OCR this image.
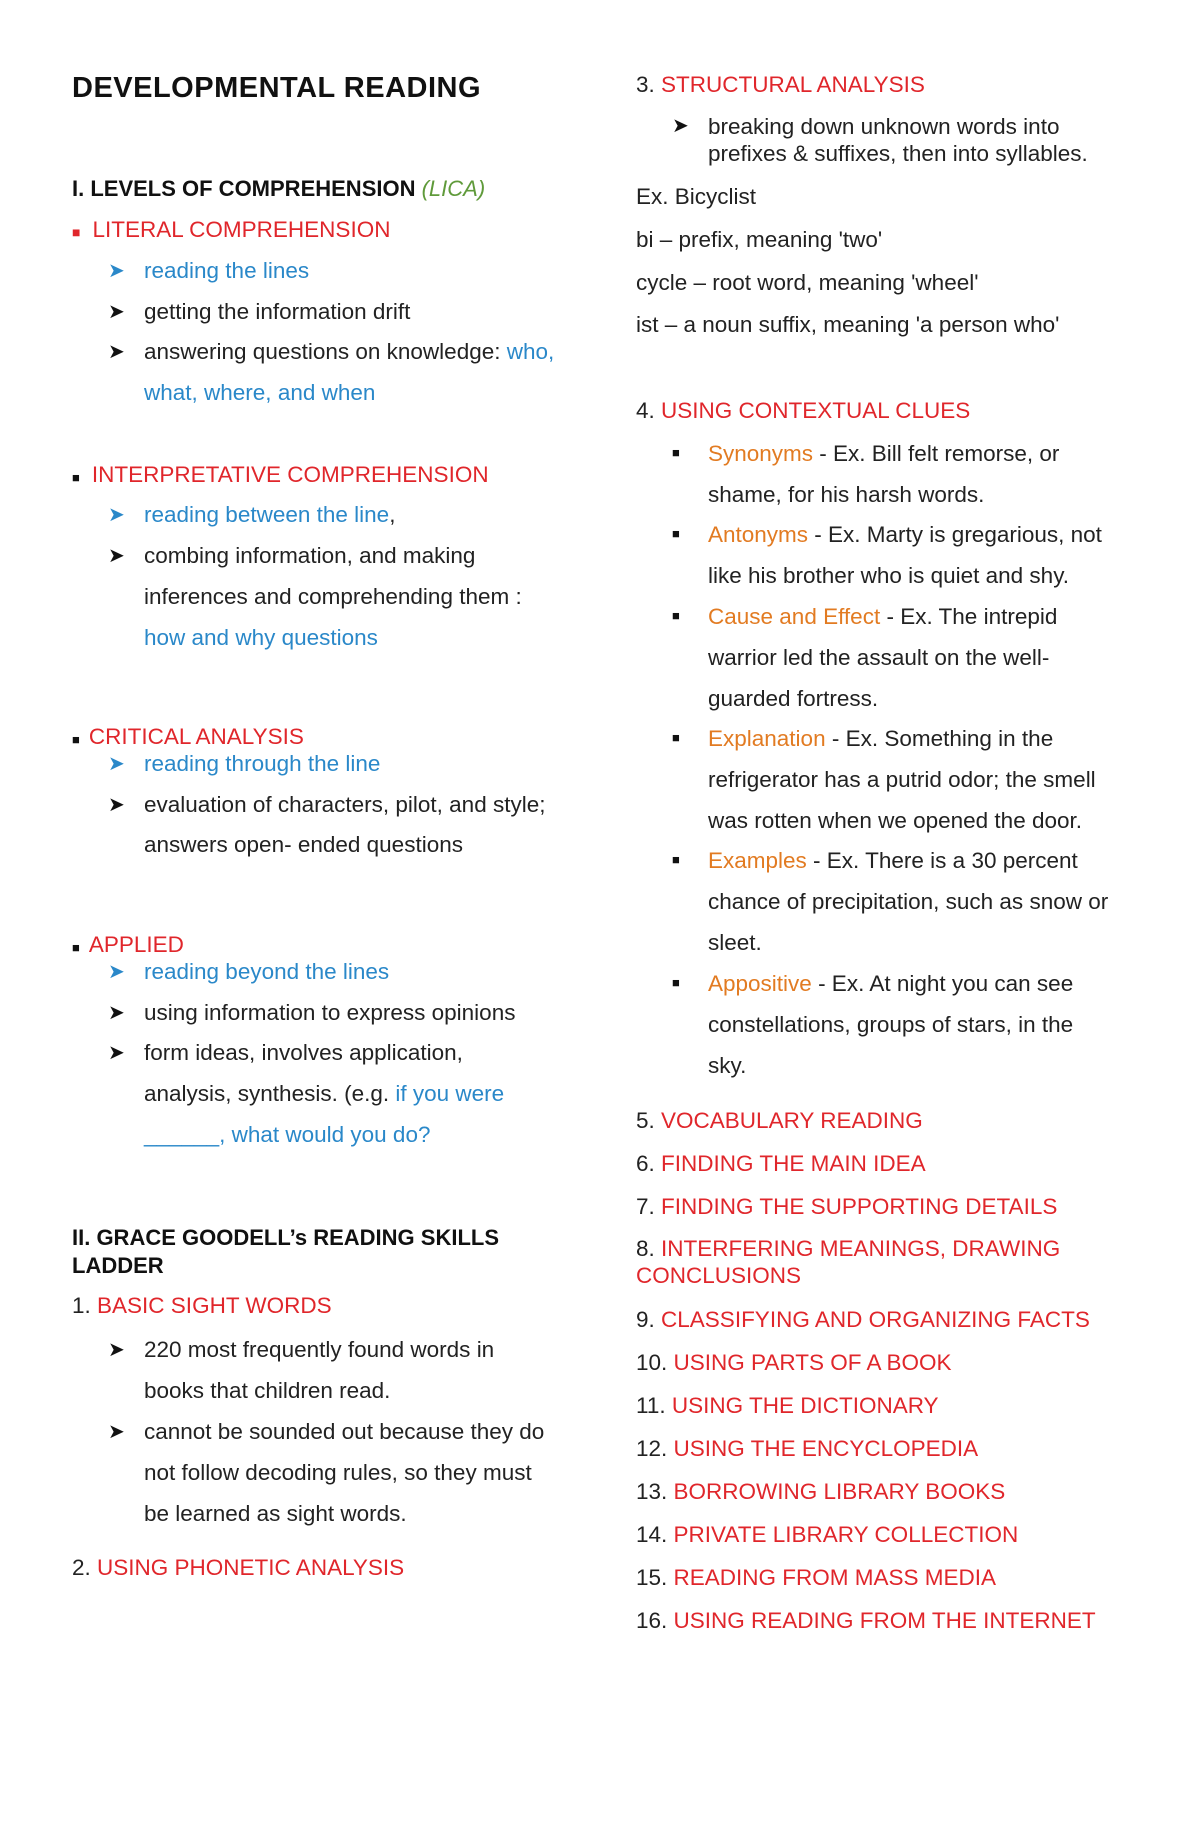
DEVELOPMENTAL READING
I. LEVELS OF COMPREHENSION (LICA)
■ LITERAL COMPREHENSION
➤ reading the lines
➤ getting the information drift
➤ answering questions on knowledge: who,
what, where, and when
■ INTERPRETATIVE COMPREHENSION
➤ reading between the line,
➤ combing information, and making
inferences and comprehending them :
how and why questions
■ CRITICAL ANALYSIS
➤ reading through the line
➤ evaluation of characters, pilot, and style;
answers open- ended questions
■ APPLIED
➤ reading beyond the lines
➤ using information to express opinions
➤ form ideas, involves application,
analysis, synthesis. (e.g. if you were
______, what would you do?
II. GRACE GOODELL’s READING SKILLS LADDER
1. BASIC SIGHT WORDS
➤ 220 most frequently found words in
books that children read.
➤ cannot be sounded out because they do
not follow decoding rules, so they must
be learned as sight words.
2. USING PHONETIC ANALYSIS
3. STRUCTURAL ANALYSIS
➤ breaking down unknown words into
prefixes & suffixes, then into syllables.
Ex. Bicyclist
bi – prefix, meaning 'two'
cycle – root word, meaning 'wheel'
ist – a noun suffix, meaning 'a person who'
4. USING CONTEXTUAL CLUES
■ Synonyms - Ex. Bill felt remorse, or
shame, for his harsh words.
■ Antonyms - Ex. Marty is gregarious, not
like his brother who is quiet and shy.
■ Cause and Effect - Ex. The intrepid
warrior led the assault on the well-
guarded fortress.
■ Explanation - Ex. Something in the
refrigerator has a putrid odor; the smell
was rotten when we opened the door.
■ Examples - Ex. There is a 30 percent
chance of precipitation, such as snow or
sleet.
■ Appositive - Ex. At night you can see
constellations, groups of stars, in the
sky.
5. VOCABULARY READING
6. FINDING THE MAIN IDEA
7. FINDING THE SUPPORTING DETAILS
8. INTERFERING MEANINGS, DRAWING CONCLUSIONS
9. CLASSIFYING AND ORGANIZING FACTS
10. USING PARTS OF A BOOK
11. USING THE DICTIONARY
12. USING THE ENCYCLOPEDIA
13. BORROWING LIBRARY BOOKS
14. PRIVATE LIBRARY COLLECTION
15. READING FROM MASS MEDIA
16. USING READING FROM THE INTERNET
